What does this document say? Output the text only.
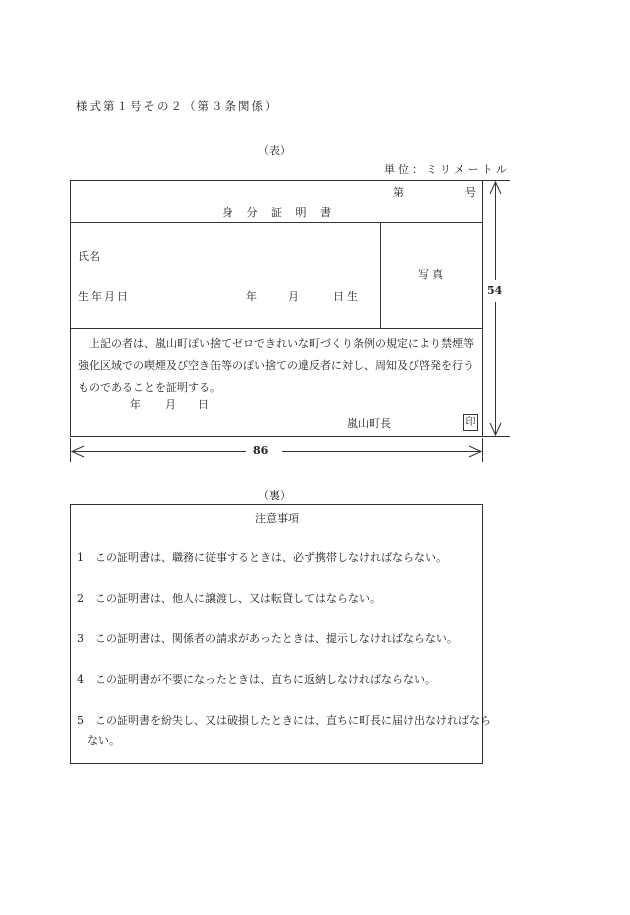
様式第１号その２（第３条関係）
（表）
単位：ミリメートル
第	号
身 分 証 明 書
氏名
生年月日	年	月	日生
写真
上記の者は、嵐山町ぽい捨てゼロできれいな町づくり条例の規定により禁煙等強化区域での喫煙及び空き缶等のぽい捨ての違反者に対し、周知及び啓発を行うものであることを証明する。
年 月 日
嵐山町長	印
86
54
（裏）
注意事項
1　この証明書は、職務に従事するときは、必ず携帯しなければならない。
2　この証明書は、他人に譲渡し、又は転貸してはならない。
3　この証明書は、関係者の請求があったときは、提示しなければならない。
4　この証明書が不要になったときは、直ちに返納しなければならない。
5　この証明書を紛失し、又は破損したときには、直ちに町長に届け出なければなら
ない。
